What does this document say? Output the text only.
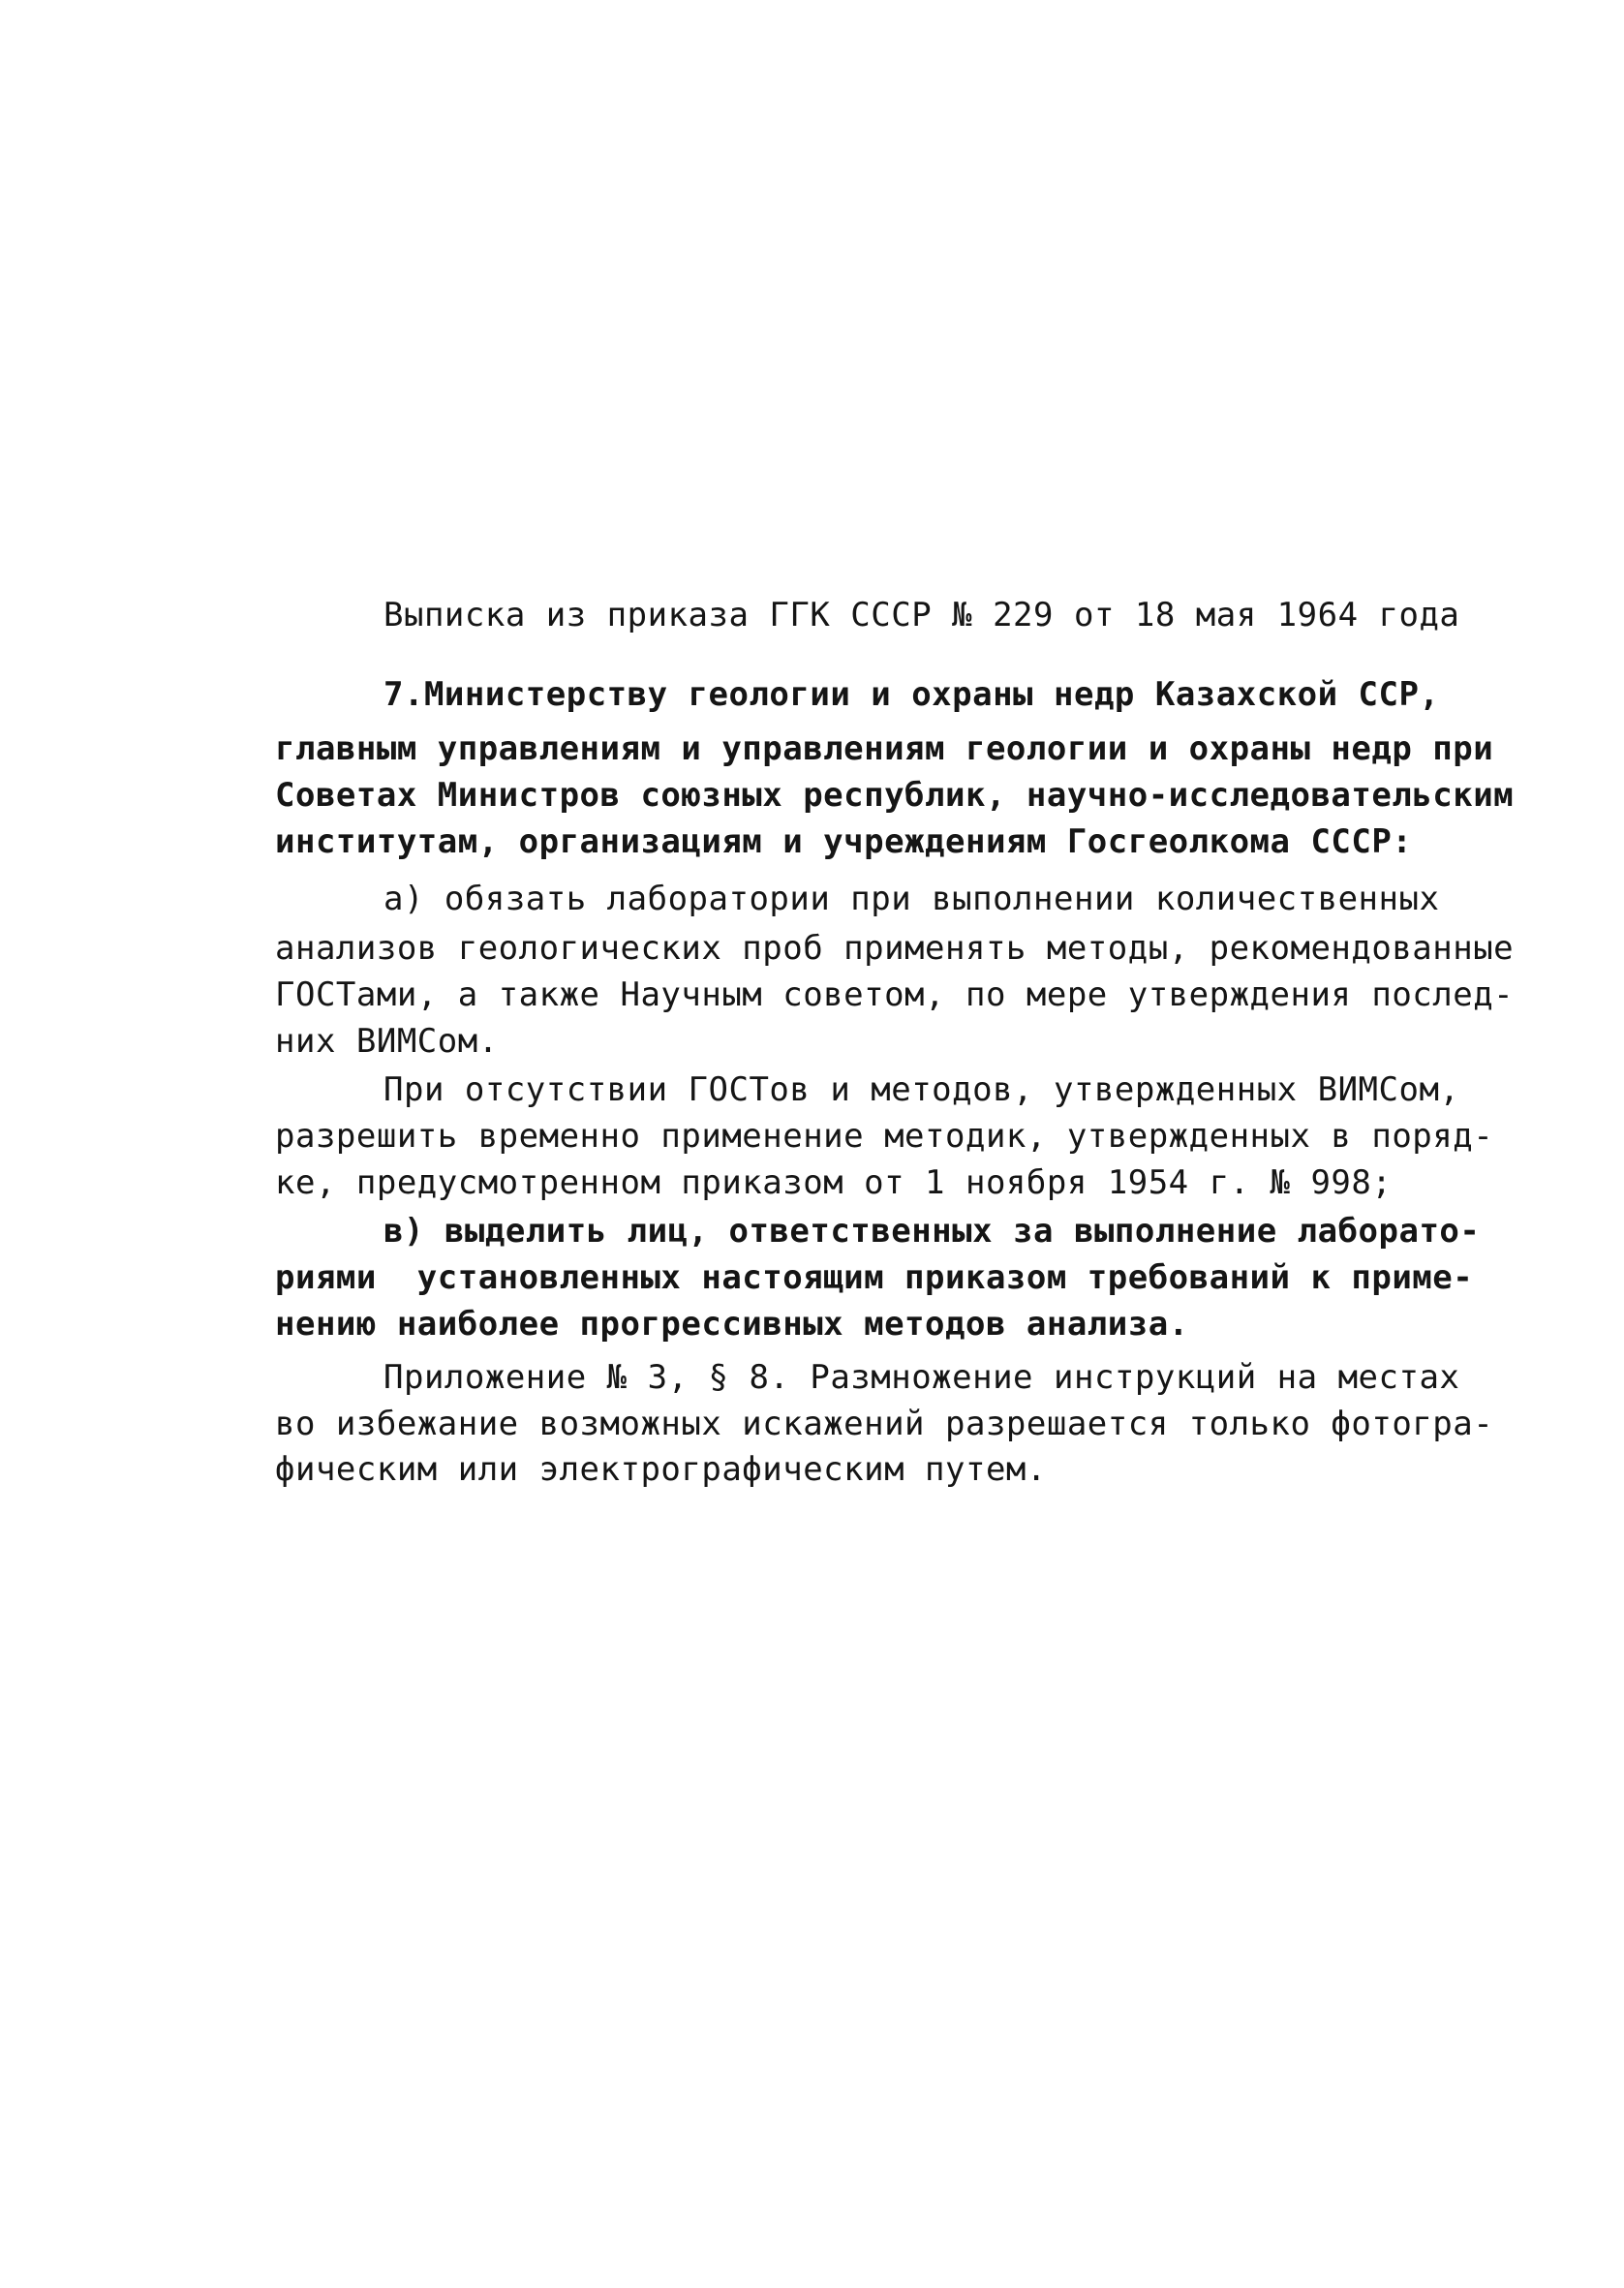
Выписка из приказа ГГК СССР № 229 от 18 мая 1964 года
7.Министерству геологии и охраны недр Казахской ССР,
главным управлениям и управлениям геологии и охраны недр при
Советах Министров союзных республик, научно-исследовательским
институтам, организациям и учреждениям Госгеолкома СССР:
а) обязать лаборатории при выполнении количественных
анализов геологических проб применять методы, рекомендованные
ГОСТами, а также Научным советом, по мере утверждения послед-
них ВИМСом.
При отсутствии ГОСТов и методов, утвержденных ВИМСом,
разрешить временно применение методик, утвержденных в поряд-
ке, предусмотренном приказом от 1 ноября 1954 г. № 998;
в) выделить лиц, ответственных за выполнение лаборато-
риями  установленных настоящим приказом требований к приме-
нению наиболее прогрессивных методов анализа.
Приложение № 3, § 8. Размножение инструкций на местах
во избежание возможных искажений разрешается только фотогра-
фическим или электрографическим путем.
